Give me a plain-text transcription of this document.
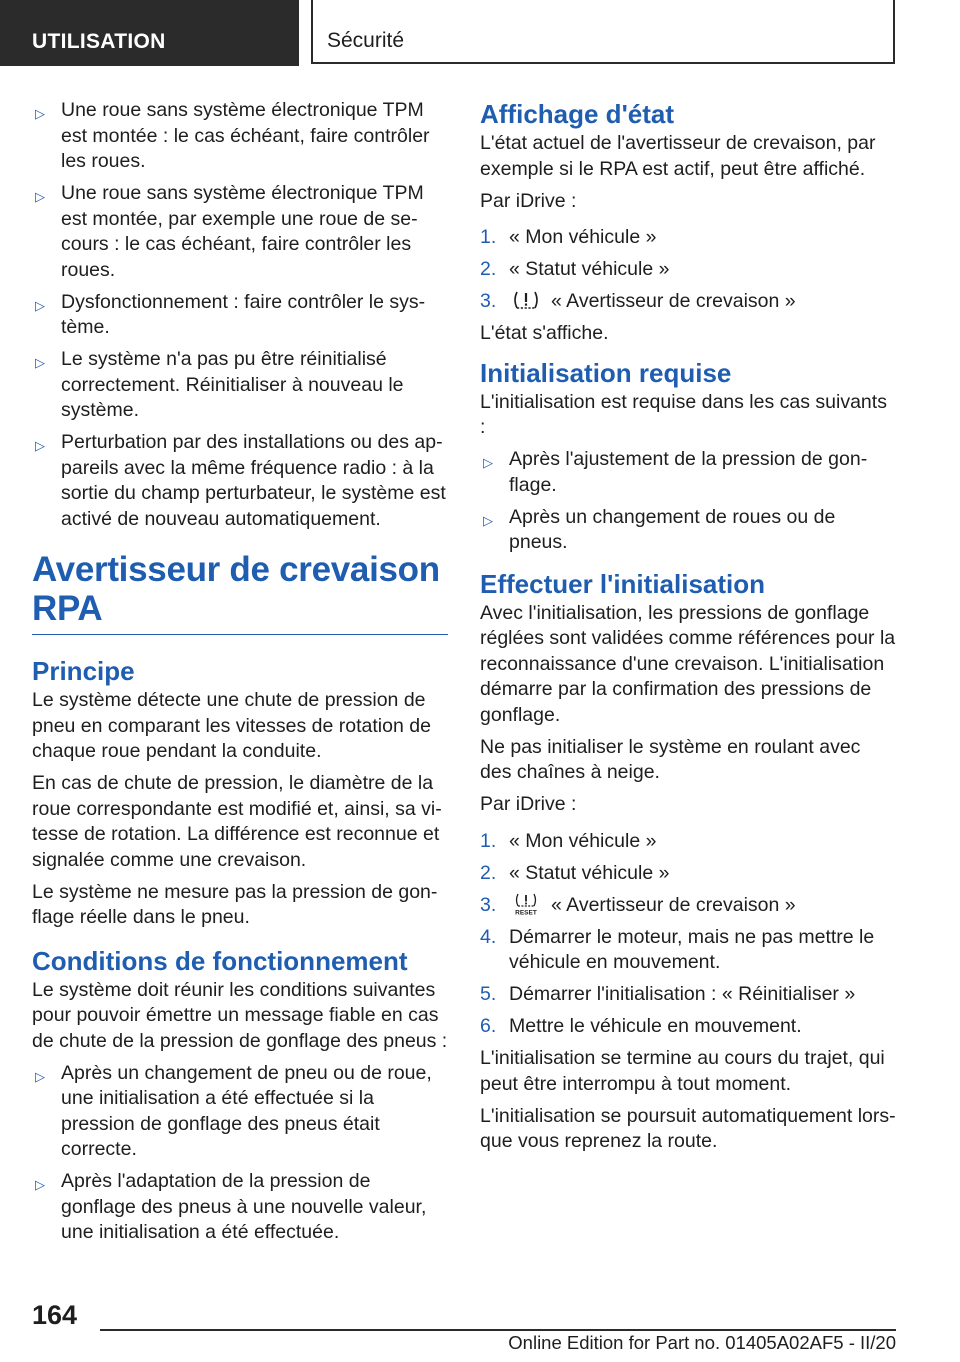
UTILISATION	Sécurité
▷ Une roue sans système électronique TPM est montée : le cas échéant, faire contrôler les roues.
▷ Une roue sans système électronique TPM est montée, par exemple une roue de secours : le cas échéant, faire contrôler les roues.
▷ Dysfonctionnement : faire contrôler le système.
▷ Le système n'a pas pu être réinitialisé correctement. Réinitialiser à nouveau le système.
▷ Perturbation par des installations ou des appareils avec la même fréquence radio : à la sortie du champ perturbateur, le système est activé de nouveau automatiquement.
Avertisseur de crevaison RPA
Principe

Le système détecte une chute de pression de pneu en comparant les vitesses de rotation de chaque roue pendant la conduite.

En cas de chute de pression, le diamètre de la roue correspondante est modifié et, ainsi, sa vitesse de rotation. La différence est reconnue et signalée comme une crevaison.

Le système ne mesure pas la pression de gonflage réelle dans le pneu.

Conditions de fonctionnement

Le système doit réunir les conditions suivantes pour pouvoir émettre un message fiable en cas de chute de la pression de gonflage des pneus :

▷ Après un changement de pneu ou de roue, une initialisation a été effectuée si la pression de gonflage des pneus était correcte.
▷ Après l'adaptation de la pression de gonflage des pneus à une nouvelle valeur, une initialisation a été effectuée.
Affichage d'état

L'état actuel de l'avertisseur de crevaison, par exemple si le RPA est actif, peut être affiché.

Par iDrive :

1. « Mon véhicule »
2. « Statut véhicule »
3.	« Avertisseur de crevaison »

L'état s'affiche.

Initialisation requise

L'initialisation est requise dans les cas suivants :

▷ Après l'ajustement de la pression de gonflage.
▷ Après un changement de roues ou de pneus.
Effectuer l'initialisation

Avec l'initialisation, les pressions de gonflage réglées sont validées comme références pour la reconnaissance d'une crevaison. L'initialisation démarre par la confirmation des pressions de gonflage.

Ne pas initialiser le système en roulant avec des chaînes à neige.

Par iDrive :

1. « Mon véhicule »
2. « Statut véhicule »
3.	RESET « Avertisseur de crevaison »
4. Démarrer le moteur, mais ne pas mettre le véhicule en mouvement.
5. Démarrer l'initialisation : « Réinitialiser »
6. Mettre le véhicule en mouvement.

L'initialisation se termine au cours du trajet, qui peut être interrompu à tout moment.

L'initialisation se poursuit automatiquement lorsque vous reprenez la route.

164
Online Edition for Part no. 01405A02AF5 - II/20
